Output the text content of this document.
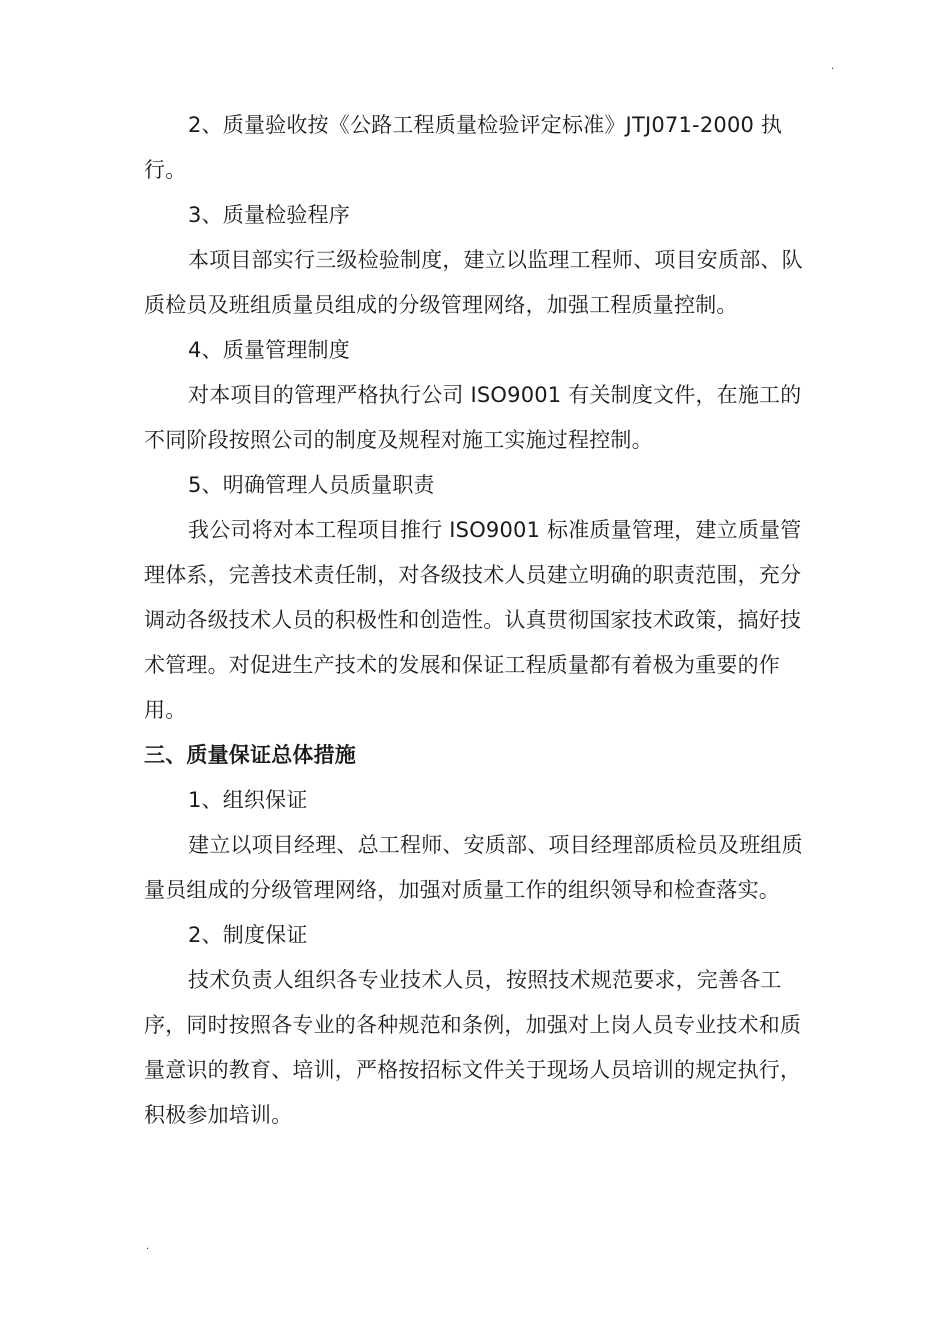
.

2、质量验收按《公路工程质量检验评定标准》JTJ071-2000 执行。

3、质量检验程序

本项目部实行三级检验制度，建立以监理工程师、项目安质部、队质检员及班组质量员组成的分级管理网络，加强工程质量控制。

4、质量管理制度

对本项目的管理严格执行公司 ISO9001 有关制度文件，在施工的不同阶段按照公司的制度及规程对施工实施过程控制。

5、明确管理人员质量职责

我公司将对本工程项目推行 ISO9001 标准质量管理，建立质量管理体系，完善技术责任制，对各级技术人员建立明确的职责范围，充分调动各级技术人员的积极性和创造性。认真贯彻国家技术政策，搞好技术管理。对促进生产技术的发展和保证工程质量都有着极为重要的作用。

三、质量保证总体措施

1、组织保证

建立以项目经理、总工程师、安质部、项目经理部质检员及班组质量员组成的分级管理网络，加强对质量工作的组织领导和检查落实。

2、制度保证

技术负责人组织各专业技术人员，按照技术规范要求，完善各工序，同时按照各专业的各种规范和条例，加强对上岗人员专业技术和质量意识的教育、培训，严格按招标文件关于现场人员培训的规定执行，积极参加培训。

.
